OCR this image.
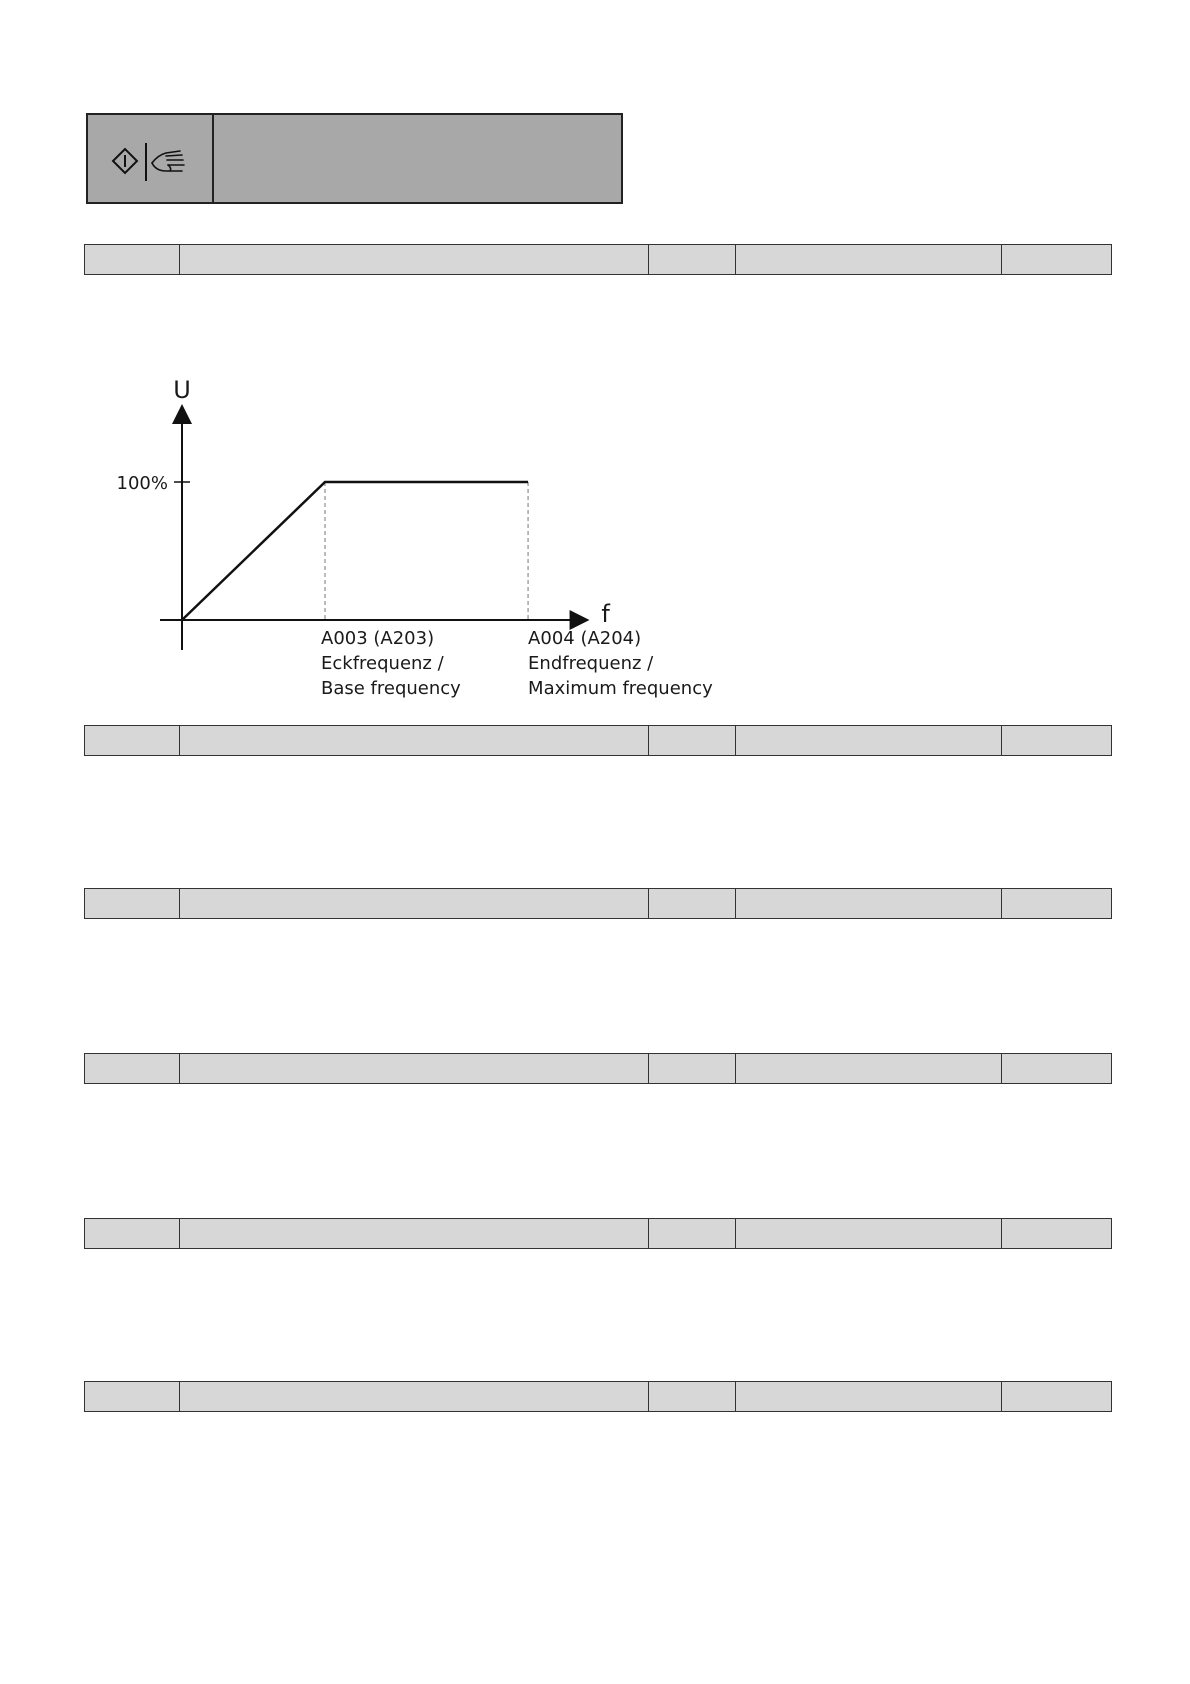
U
f
100%
A003 (A203)
Eckfrequenz /
Base frequency
A004 (A204)
Endfrequenz /
Maximum frequency
